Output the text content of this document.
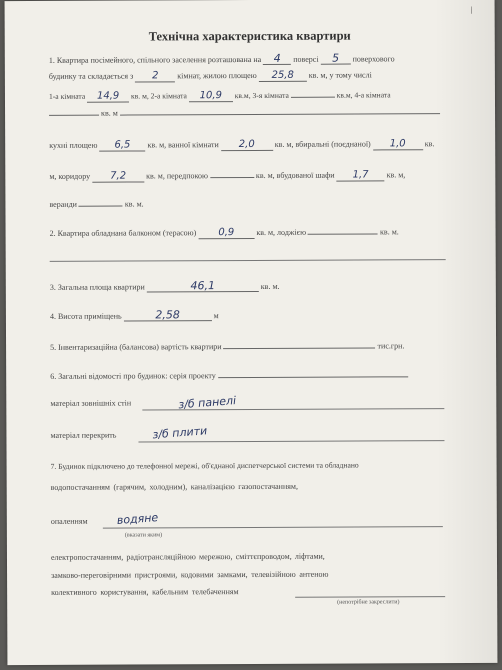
Технічна характеристика квартири
1. Квартира посімейного, спільного заселення розташована на 4 поверсі 5 поверхового
будинку та складається з 2 кімнат, жилою площею 25,8 кв. м, у тому числі
1-а кімната 14,9 кв. м, 2-а кімната 10,9 кв.м, 3-я кімната	кв.м, 4-а кімната
кв. м
кухні площею 6,5 кв. м, ванної кімнати 2,0	кв. м, вбиральні (поєднаної) 1,0 кв.
м, коридору 7,2	кв. м, передпокою	кв. м, вбудованої шафи 1,7 кв. м,
веранди	кв. м.
2. Квартира обладнана балконом (терасою) 0,9	кв. м, лоджією	кв. м.
3. Загальна площа квартири	46,1	кв. м.
4. Висота приміщень	2,58	м
5. Інвентаризаційна (балансова) вартість квартири	тис.грн.
6. Загальні відомості про будинок: серія проекту
матеріал зовнішніх стін	з/б панелі
матеріал перекрить	з/б плити
7. Будинок підключено до телефонної мережі, об'єднаної диспетчерської системи та обладнано
водопостачанням (гарячим, холодним), каналізацією газопостачанням,
опаленням	водяне
(вказати яким)
електропостачанням, радіотрансляційною мережою, сміттєпроводом, ліфтами,
замково-переговірними пристроями, кодовими замками, телевізійною антеною
колективного користування, кабельним телебаченням
(непотрібне закреслити)
|
